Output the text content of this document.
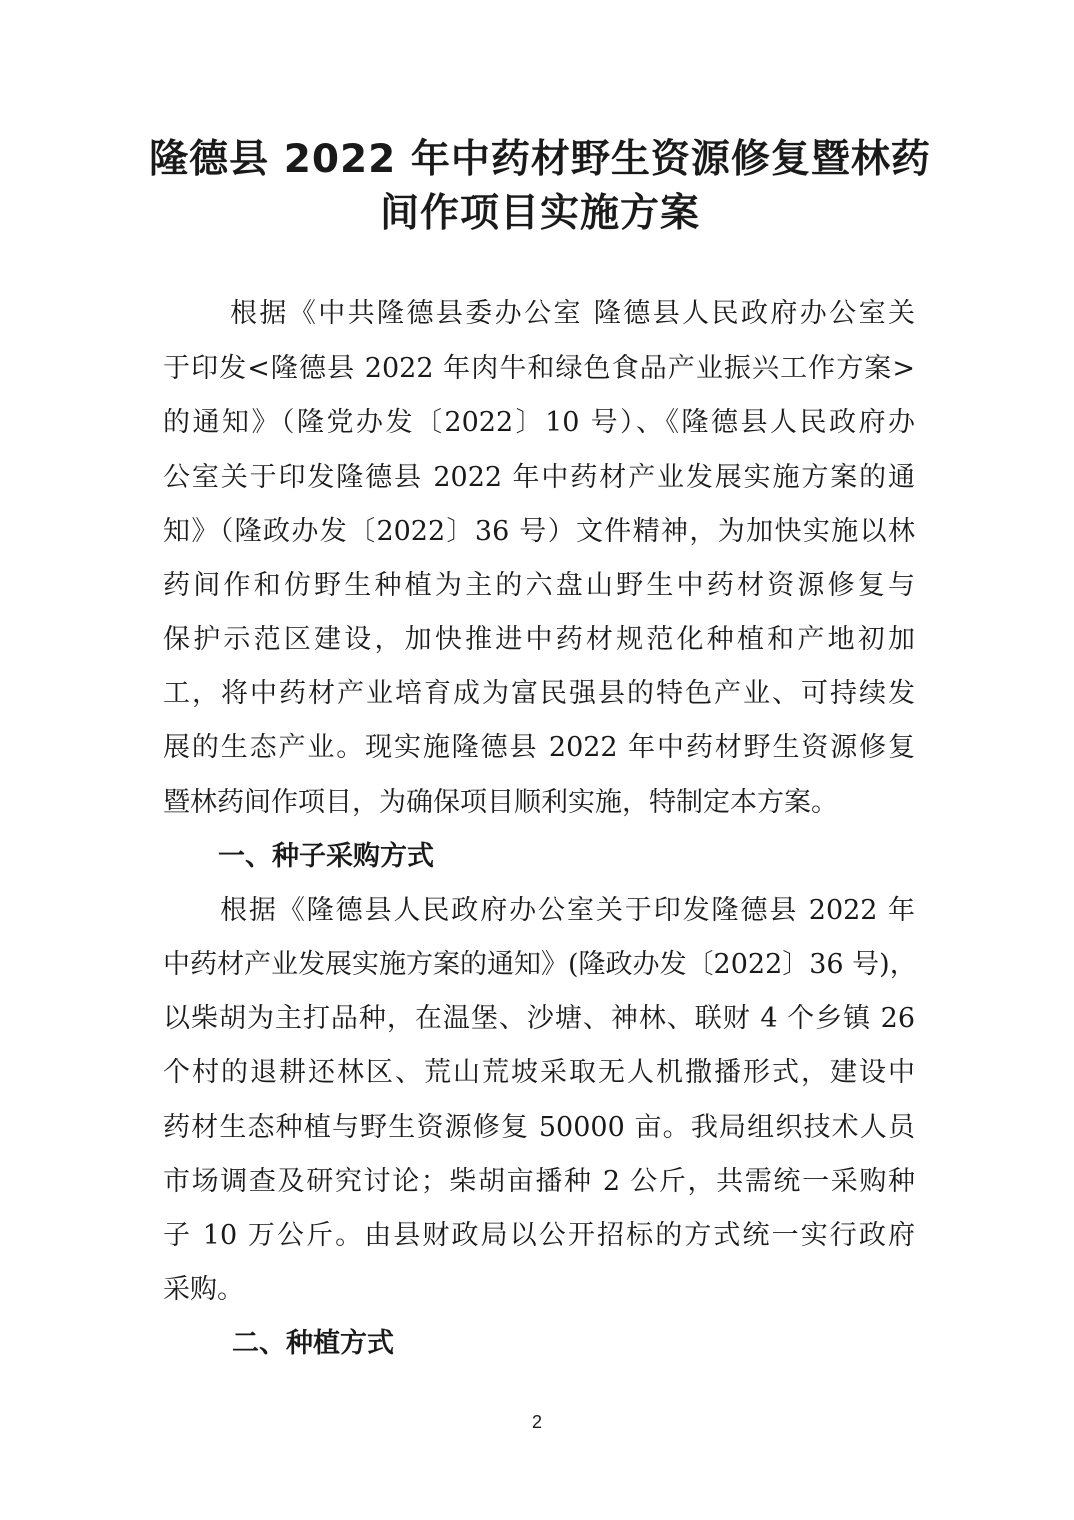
隆德县 2022 年中药材野生资源修复暨林药
间作项目实施方案
根据《中共隆德县委办公室 隆德县人民政府办公室关
于印发<隆德县 2022 年肉牛和绿色食品产业振兴工作方案>
的通知》（隆党办发〔2022〕10 号）、《隆德县人民政府办
公室关于印发隆德县 2022 年中药材产业发展实施方案的通
知》（隆政办发〔2022〕36 号）文件精神，为加快实施以林
药间作和仿野生种植为主的六盘山野生中药材资源修复与
保护示范区建设，加快推进中药材规范化种植和产地初加
工，将中药材产业培育成为富民强县的特色产业、可持续发
展的生态产业。现实施隆德县 2022 年中药材野生资源修复
暨林药间作项目，为确保项目顺利实施，特制定本方案。
一、种子采购方式
根据《隆德县人民政府办公室关于印发隆德县 2022 年
中药材产业发展实施方案的通知》(隆政办发〔2022〕36 号)，
以柴胡为主打品种，在温堡、沙塘、神林、联财 4 个乡镇 26
个村的退耕还林区、荒山荒坡采取无人机撒播形式，建设中
药材生态种植与野生资源修复 50000 亩。我局组织技术人员
市场调查及研究讨论；柴胡亩播种 2 公斤，共需统一采购种
子 10 万公斤。由县财政局以公开招标的方式统一实行政府
采购。
二、种植方式
2
